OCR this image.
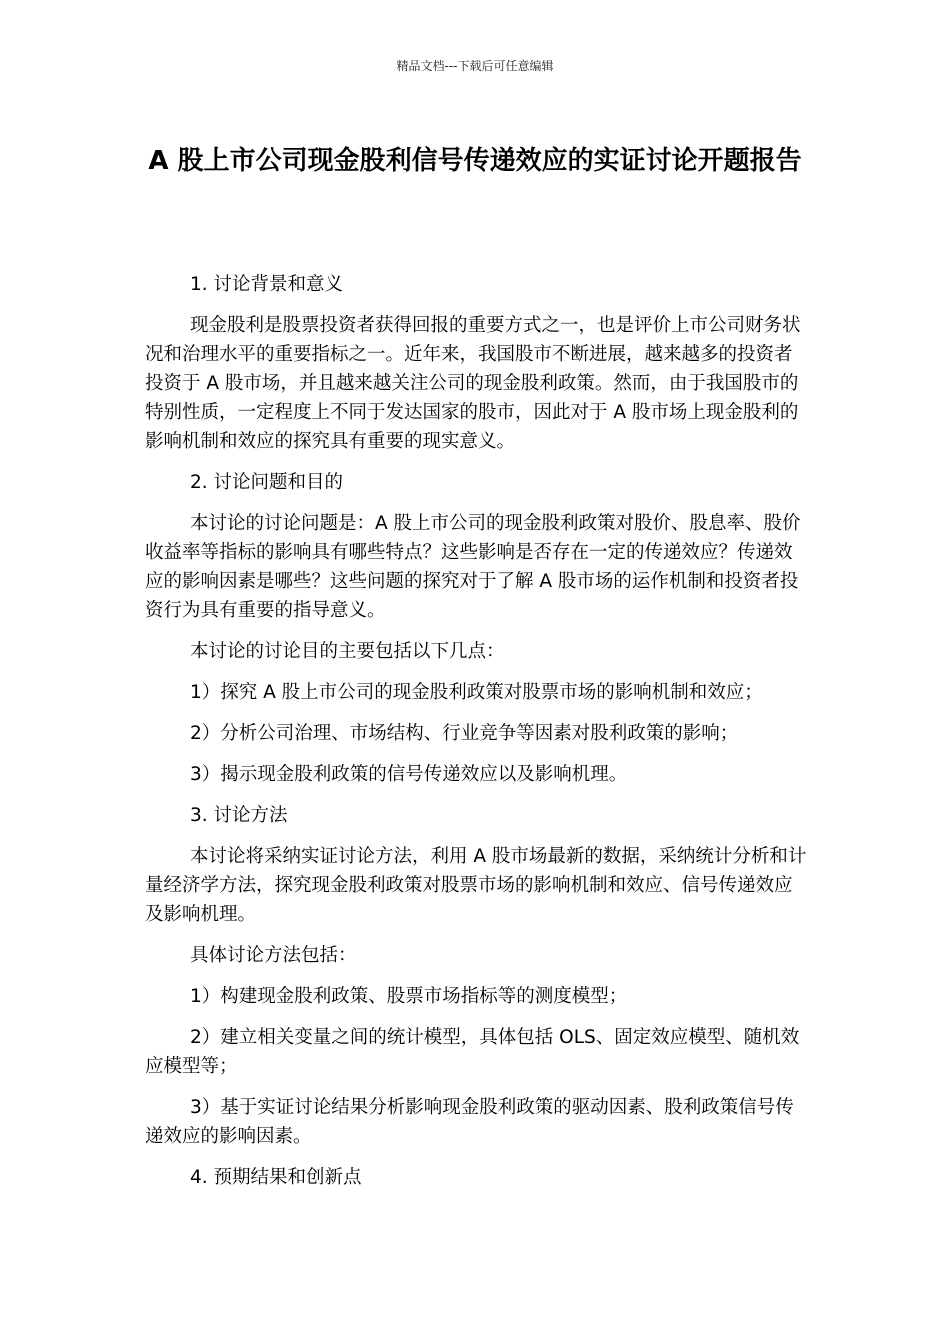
精品文档---下载后可任意编辑
A 股上市公司现金股利信号传递效应的实证讨论开题报告

1. 讨论背景和意义

现金股利是股票投资者获得回报的重要方式之一，也是评价上市公司财务状况和治理水平的重要指标之一。近年来，我国股市不断进展，越来越多的投资者投资于 A 股市场，并且越来越关注公司的现金股利政策。然而，由于我国股市的特别性质，一定程度上不同于发达国家的股市，因此对于 A 股市场上现金股利的影响机制和效应的探究具有重要的现实意义。

2. 讨论问题和目的

本讨论的讨论问题是：A 股上市公司的现金股利政策对股价、股息率、股价收益率等指标的影响具有哪些特点？这些影响是否存在一定的传递效应？传递效应的影响因素是哪些？这些问题的探究对于了解 A 股市场的运作机制和投资者投资行为具有重要的指导意义。

本讨论的讨论目的主要包括以下几点：

1）探究 A 股上市公司的现金股利政策对股票市场的影响机制和效应；

2）分析公司治理、市场结构、行业竞争等因素对股利政策的影响；

3）揭示现金股利政策的信号传递效应以及影响机理。

3. 讨论方法

本讨论将采纳实证讨论方法，利用 A 股市场最新的数据，采纳统计分析和计量经济学方法，探究现金股利政策对股票市场的影响机制和效应、信号传递效应及影响机理。

具体讨论方法包括：

1）构建现金股利政策、股票市场指标等的测度模型；

2）建立相关变量之间的统计模型，具体包括 OLS、固定效应模型、随机效应模型等；

3）基于实证讨论结果分析影响现金股利政策的驱动因素、股利政策信号传递效应的影响因素。

4. 预期结果和创新点
